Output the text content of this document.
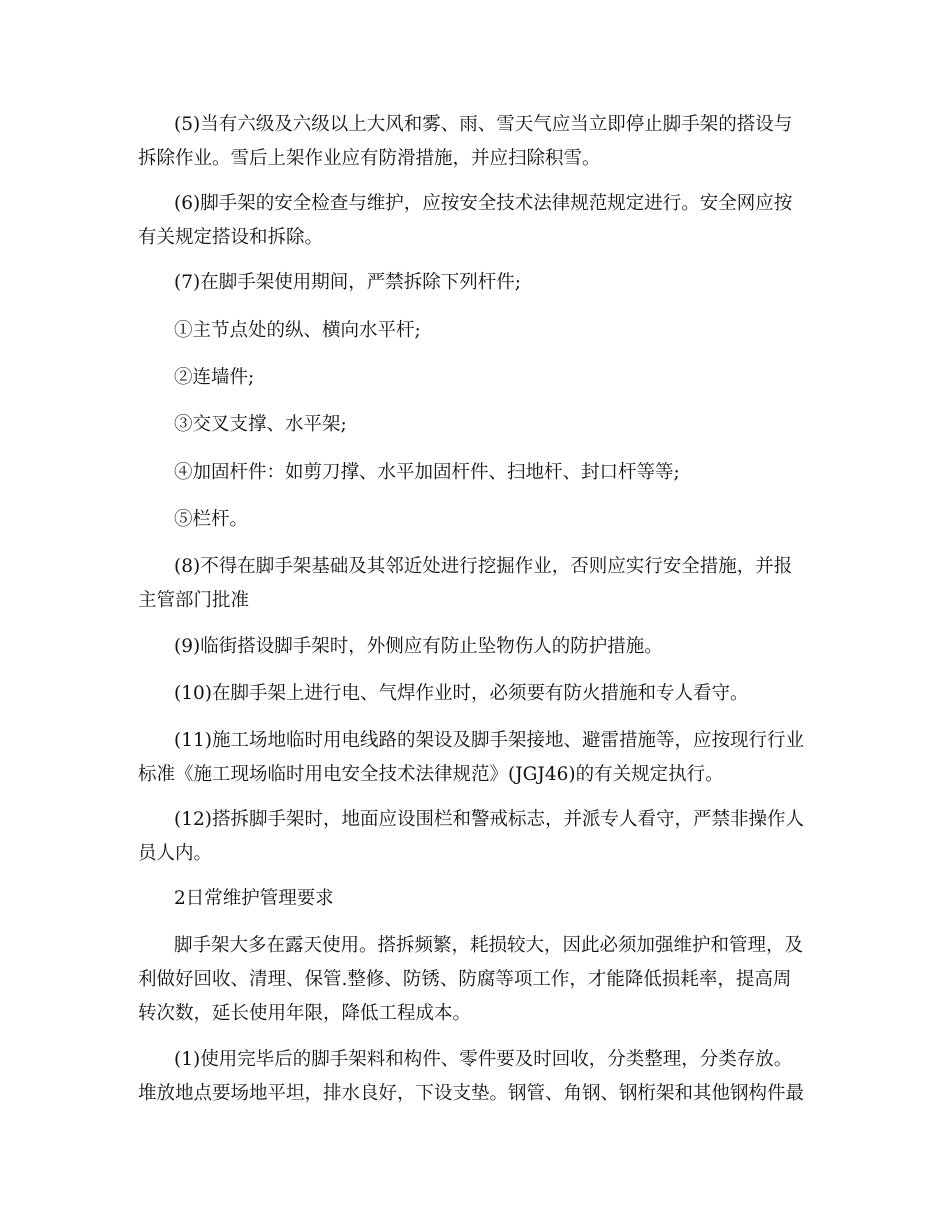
(5)当有六级及六级以上大风和雾、雨、雪天气应当立即停止脚手架的搭设与
拆除作业。雪后上架作业应有防滑措施，并应扫除积雪。
(6)脚手架的安全检查与维护，应按安全技术法律规范规定进行。安全网应按
有关规定搭设和拆除。
(7)在脚手架使用期间，严禁拆除下列杆件;
①主节点处的纵、横向水平杆;
②连墙件;
③交叉支撑、水平架;
④加固杆件：如剪刀撑、水平加固杆件、扫地杆、封口杆等等;
⑤栏杆。
(8)不得在脚手架基础及其邻近处进行挖掘作业，否则应实行安全措施，并报
主管部门批准
(9)临街搭设脚手架时，外侧应有防止坠物伤人的防护措施。
(10)在脚手架上进行电、气焊作业时，必须要有防火措施和专人看守。
(11)施工场地临时用电线路的架设及脚手架接地、避雷措施等，应按现行行业
标准《施工现场临时用电安全技术法律规范》(JGJ46)的有关规定执行。
(12)搭拆脚手架时，地面应设围栏和警戒标志，并派专人看守，严禁非操作人
员人内。
2日常维护管理要求
脚手架大多在露天使用。搭拆频繁，耗损较大，因此必须加强维护和管理，及
利做好回收、清理、保管.整修、防锈、防腐等项工作，才能降低损耗率，提高周
转次数，延长使用年限，降低工程成本。
(1)使用完毕后的脚手架料和构件、零件要及时回收，分类整理，分类存放。
堆放地点要场地平坦，排水良好，下设支垫。钢管、角钢、钢桁架和其他钢构件最
